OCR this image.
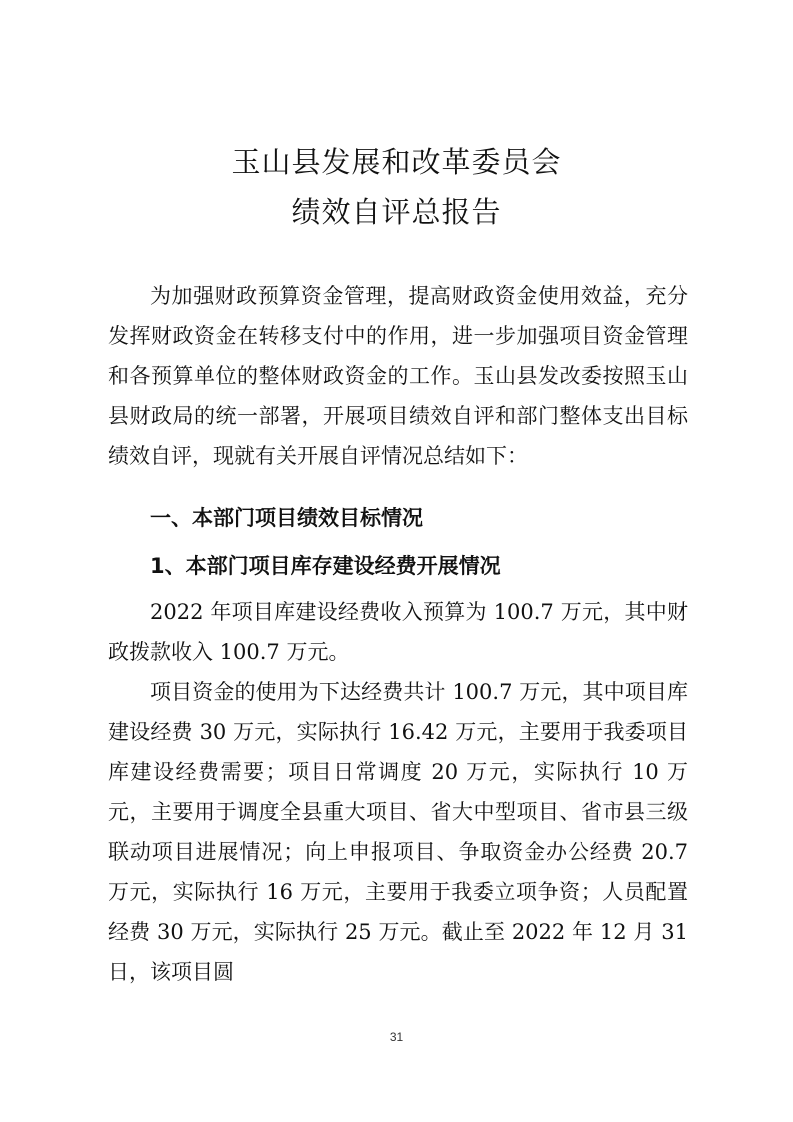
玉山县发展和改革委员会
绩效自评总报告

为加强财政预算资金管理，提高财政资金使用效益，充分发挥财政资金在转移支付中的作用，进一步加强项目资金管理和各预算单位的整体财政资金的工作。玉山县发改委按照玉山县财政局的统一部署，开展项目绩效自评和部门整体支出目标绩效自评，现就有关开展自评情况总结如下：

一、本部门项目绩效目标情况
1、本部门项目库存建设经费开展情况

2022 年项目库建设经费收入预算为 100.7 万元，其中财政拨款收入 100.7 万元。

项目资金的使用为下达经费共计 100.7 万元，其中项目库建设经费 30 万元，实际执行 16.42 万元，主要用于我委项目库建设经费需要；项目日常调度 20 万元，实际执行 10 万元，主要用于调度全县重大项目、省大中型项目、省市县三级联动项目进展情况；向上申报项目、争取资金办公经费 20.7 万元，实际执行 16 万元，主要用于我委立项争资；人员配置经费 30 万元，实际执行 25 万元。截止至 2022 年 12 月 31 日，该项目圆

31
